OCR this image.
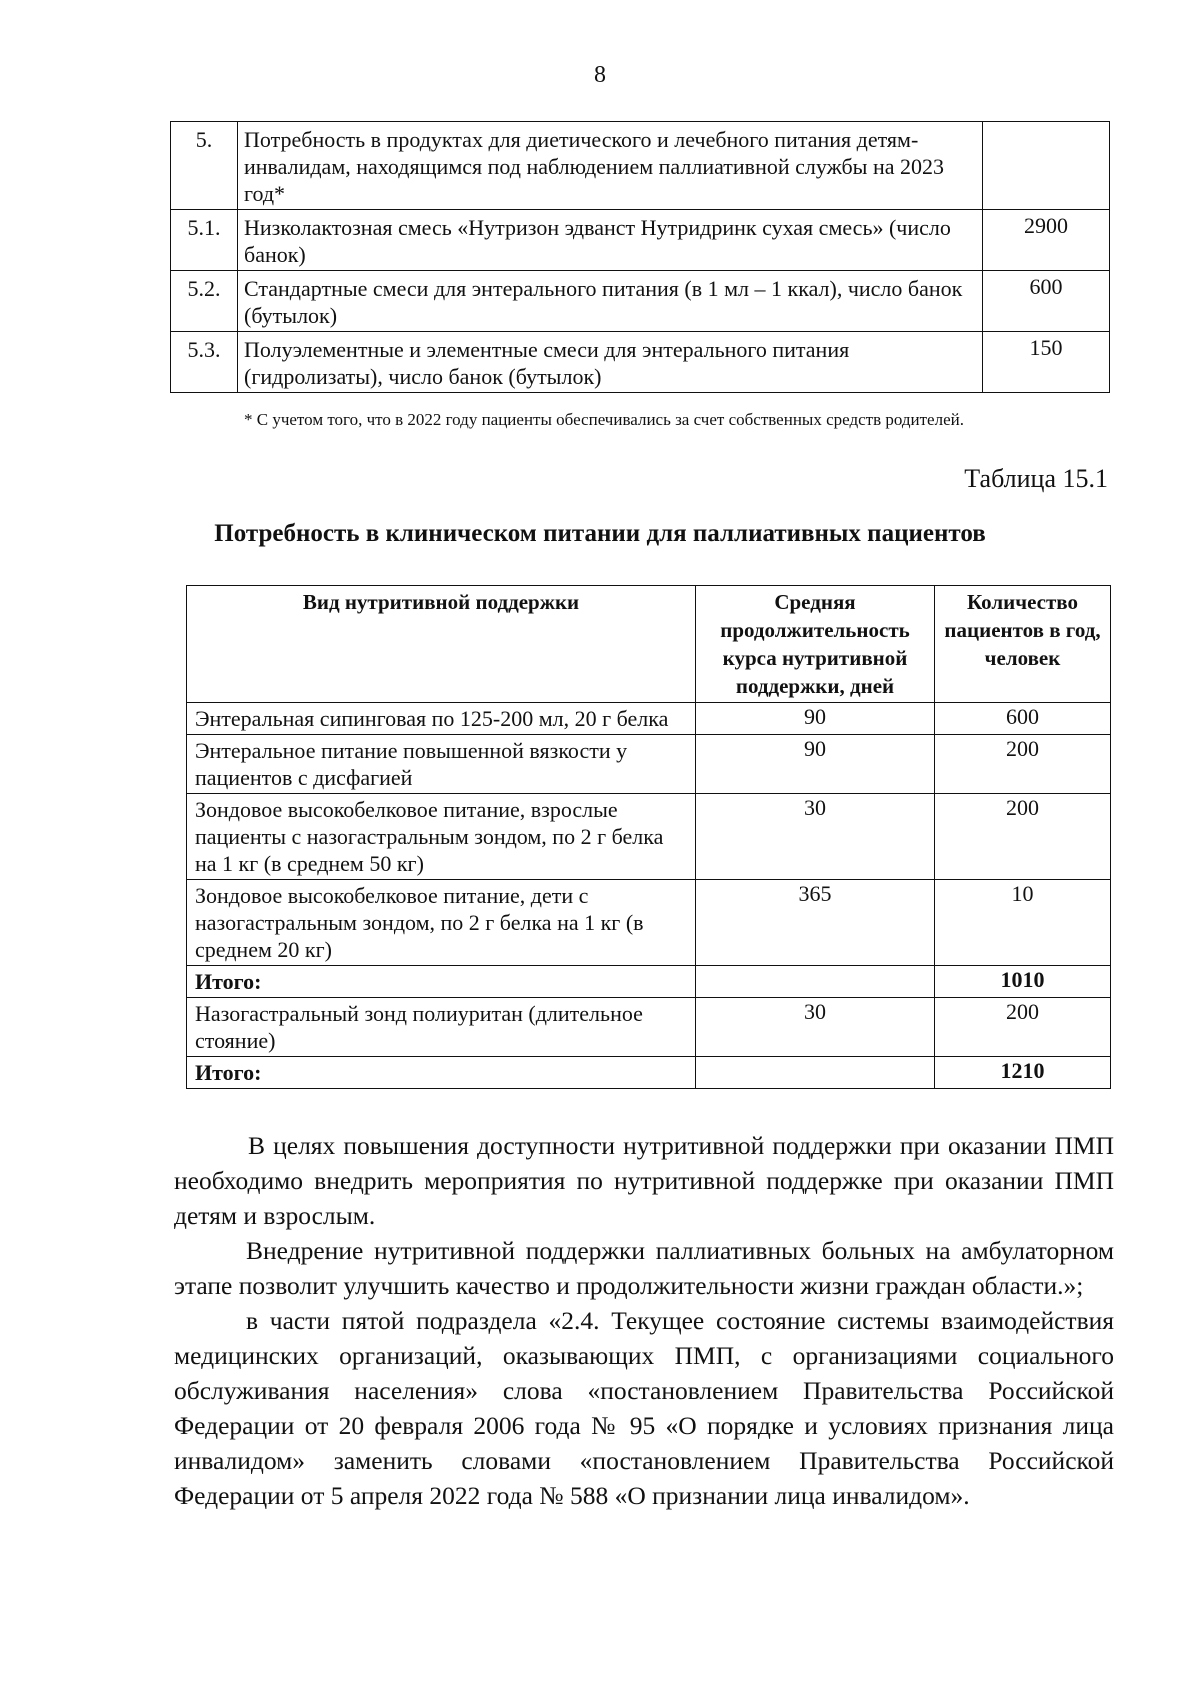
8
5.	Потребность в продуктах для диетического и лечебного питания детям-инвалидам, находящимся под наблюдением паллиативной службы на 2023 год*	
5.1.	Низколактозная смесь «Нутризон эдванст Нутридринк сухая смесь» (число банок)	2900
5.2.	Стандартные смеси для энтерального питания (в 1 мл – 1 ккал), число банок (бутылок)	600
5.3.	Полуэлементные и элементные смеси для энтерального питания (гидролизаты), число банок (бутылок)	150
* С учетом того, что в 2022 году пациенты обеспечивались за счет собственных средств родителей.
Таблица 15.1
Потребность в клиническом питании для паллиативных пациентов
Вид нутритивной поддержки	Средняя продолжительность курса нутритивной поддержки, дней	Количество пациентов в год, человек
Энтеральная сипинговая по 125-200 мл, 20 г белка	90	600
Энтеральное питание повышенной вязкости у пациентов с дисфагией	90	200
Зондовое высокобелковое питание, взрослые пациенты с назогастральным зондом, по 2 г белка на 1 кг (в среднем 50 кг)	30	200
Зондовое высокобелковое питание, дети с назогастральным зондом, по 2 г белка на 1 кг (в среднем 20 кг)	365	10
Итого:		1010
Назогастральный зонд полиуритан (длительное стояние)	30	200
Итого:		1210

В целях повышения доступности нутритивной поддержки при оказании ПМП необходимо внедрить мероприятия по нутритивной поддержке при оказании ПМП детям и взрослым.

Внедрение нутритивной поддержки паллиативных больных на амбулаторном этапе позволит улучшить качество и продолжительности жизни граждан области.»;

в части пятой подраздела «2.4. Текущее состояние системы взаимодействия медицинских организаций, оказывающих ПМП, с организациями социального обслуживания населения» слова «постановлением Правительства Российской Федерации от 20 февраля 2006 года № 95 «О порядке и условиях признания лица инвалидом» заменить словами «постановлением Правительства Российской Федерации от 5 апреля 2022 года № 588 «О признании лица инвалидом».
